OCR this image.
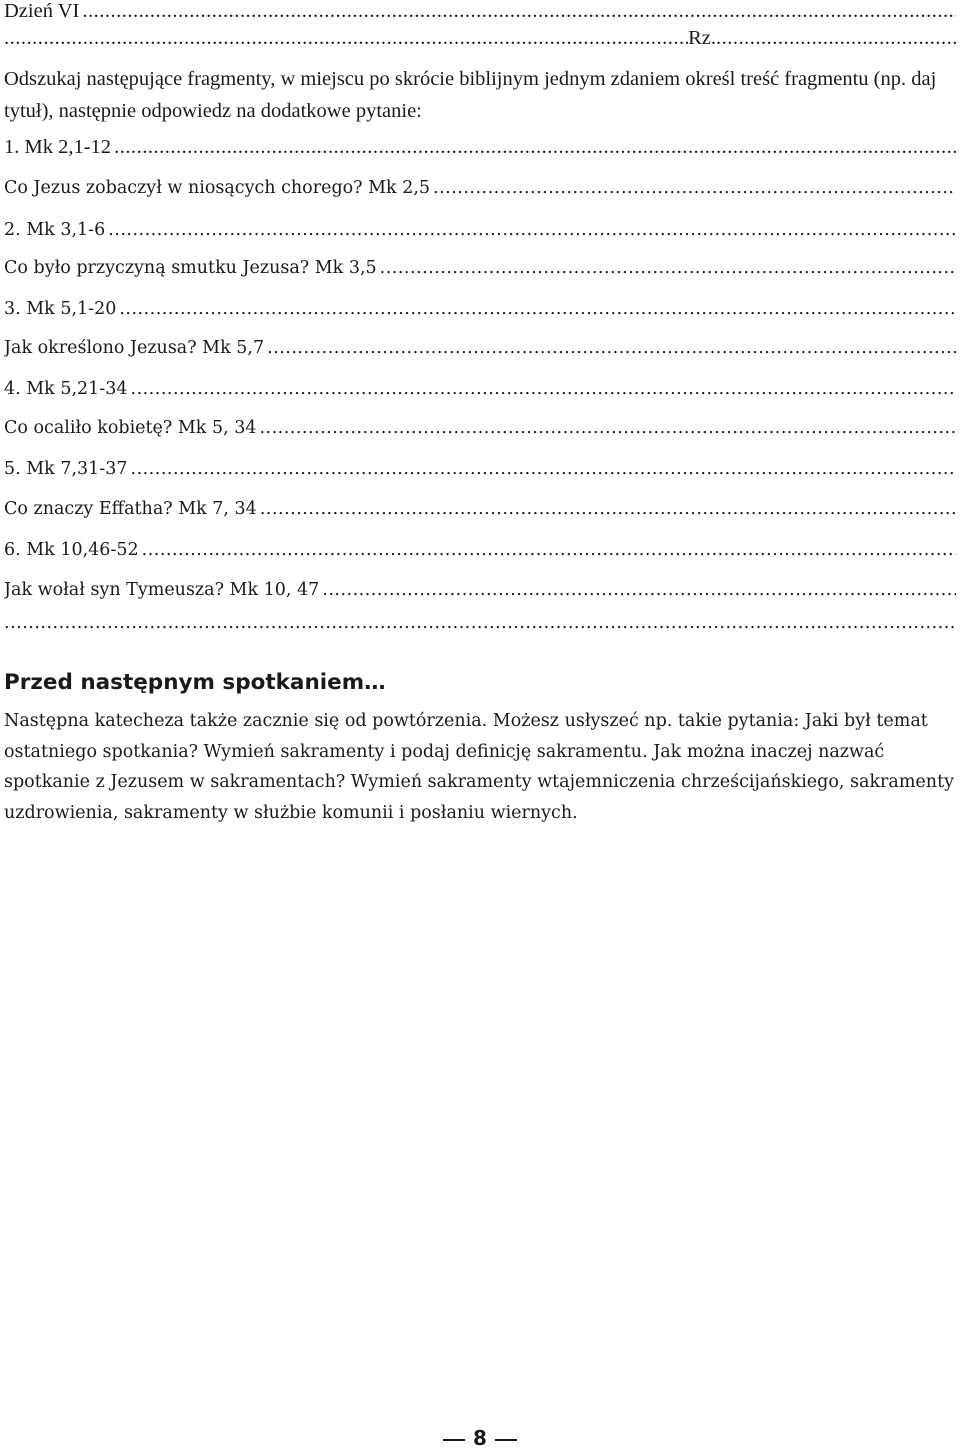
Dzień VI
.....
.....
Rz.
.....
Odszukaj następujące fragmenty, w miejscu po skrócie biblijnym jednym zdaniem określ treść fragmentu (np. daj tytuł), następnie odpowiedz na dodatkowe pytanie:
1. Mk 2,1-12
.....
Co Jezus zobaczył w niosących chorego? Mk 2,5
.....
2. Mk 3,1-6
.....
Co było przyczyną smutku Jezusa? Mk 3,5
.....
3. Mk 5,1-20
.....
Jak określono Jezusa? Mk 5,7
.....
4. Mk 5,21-34
.....
Co ocaliło kobietę? Mk 5, 34
.....
5. Mk 7,31-37
.....
Co znaczy Effatha? Mk 7, 34
.....
6. Mk 10,46-52
.....
Jak wołał syn Tymeusza? Mk 10, 47
.....
.....
Przed następnym spotkaniem…
Następna katecheza także zacznie się od powtórzenia. Możesz usłyszeć np. takie pytania: Jaki był temat ostatniego spotkania? Wymień sakramenty i podaj definicję sakramentu. Jak można inaczej nazwać spotkanie z Jezusem w sakramentach? Wymień sakramenty wtajemniczenia chrześcijańskiego, sakramenty uzdrowienia, sakramenty w służbie komunii i posłaniu wiernych.
8
